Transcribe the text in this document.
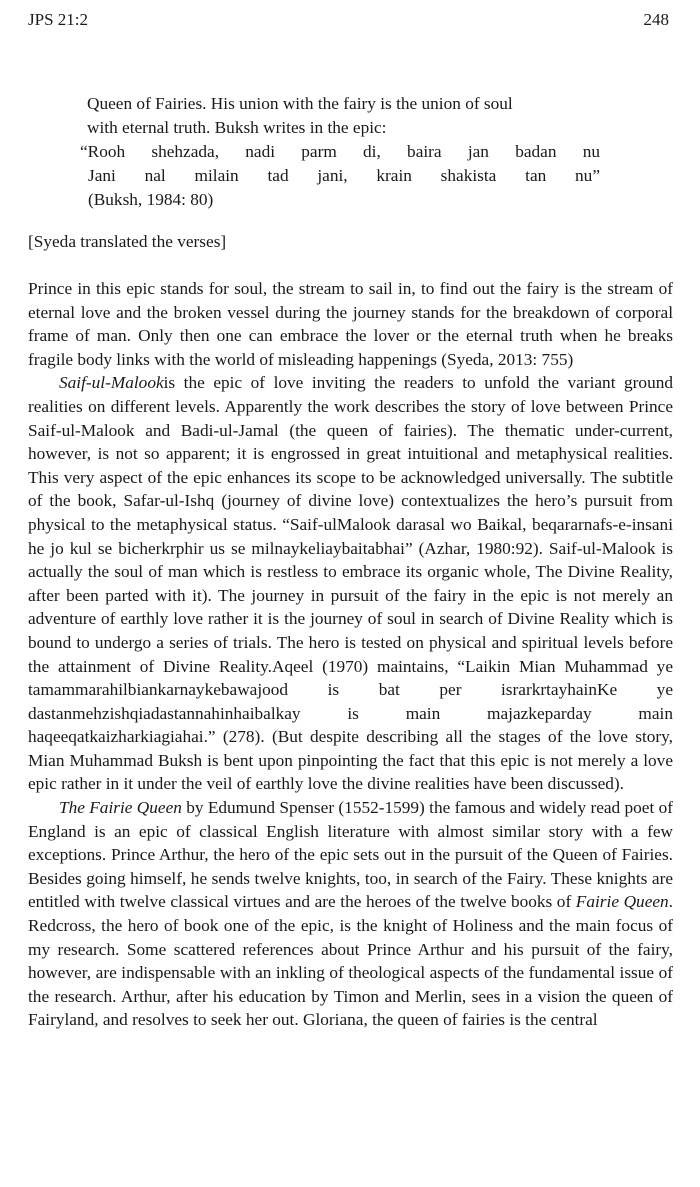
JPS 21:2	248
Queen of Fairies. His union with the fairy is the union of soul
with eternal truth. Buksh writes in the epic:
“Rooh shehzada, nadi parm di, baira jan badan nu
Jani nal milain tad jani, krain shakista tan nu”
(Buksh, 1984: 80)
[Syeda translated the verses]

Prince in this epic stands for soul, the stream to sail in, to find out the fairy is the stream of eternal love and the broken vessel during the journey stands for the breakdown of corporal frame of man. Only then one can embrace the lover or the eternal truth when he breaks fragile body links with the world of misleading happenings (Syeda, 2013: 755)

Saif-ul-Malookis the epic of love inviting the readers to unfold the variant ground realities on different levels. Apparently the work describes the story of love between Prince Saif-ul-Malook and Badi-ul-Jamal (the queen of fairies). The thematic under-current, however, is not so apparent; it is engrossed in great intuitional and metaphysical realities. This very aspect of the epic enhances its scope to be acknowledged universally. The subtitle of the book, Safar-ul-Ishq (journey of divine love) contextualizes the hero’s pursuit from physical to the metaphysical status. “Saif-ulMalook darasal wo Baikal, beqararnafs-e-insani he jo kul se bicherkrphir us se milnaykeliaybaitabhai” (Azhar, 1980:92). Saif-ul-Malook is actually the soul of man which is restless to embrace its organic whole, The Divine Reality, after been parted with it). The journey in pursuit of the fairy in the epic is not merely an adventure of earthly love rather it is the journey of soul in search of Divine Reality which is bound to undergo a series of trials. The hero is tested on physical and spiritual levels before the attainment of Divine Reality.Aqeel (1970) maintains, “Laikin Mian Muhammad ye tamammarahilbiankarnaykebawajood is bat per israrkrtayhainKe ye dastanmehzishqiadastannahinhaibalkay is main majazkeparday main haqeeqatkaizharkiagiahai.” (278). (But despite describing all the stages of the love story, Mian Muhammad Buksh is bent upon pinpointing the fact that this epic is not merely a love epic rather in it under the veil of earthly love the divine realities have been discussed).

The Fairie Queen by Edumund Spenser (1552-1599) the famous and widely read poet of England is an epic of classical English literature with almost similar story with a few exceptions. Prince Arthur, the hero of the epic sets out in the pursuit of the Queen of Fairies. Besides going himself, he sends twelve knights, too, in search of the Fairy. These knights are entitled with twelve classical virtues and are the heroes of the twelve books of Fairie Queen. Redcross, the hero of book one of the epic, is the knight of Holiness and the main focus of my research. Some scattered references about Prince Arthur and his pursuit of the fairy, however, are indispensable with an inkling of theological aspects of the fundamental issue of the research. Arthur, after his education by Timon and Merlin, sees in a vision the queen of Fairyland, and resolves to seek her out. Gloriana, the queen of fairies is the central
